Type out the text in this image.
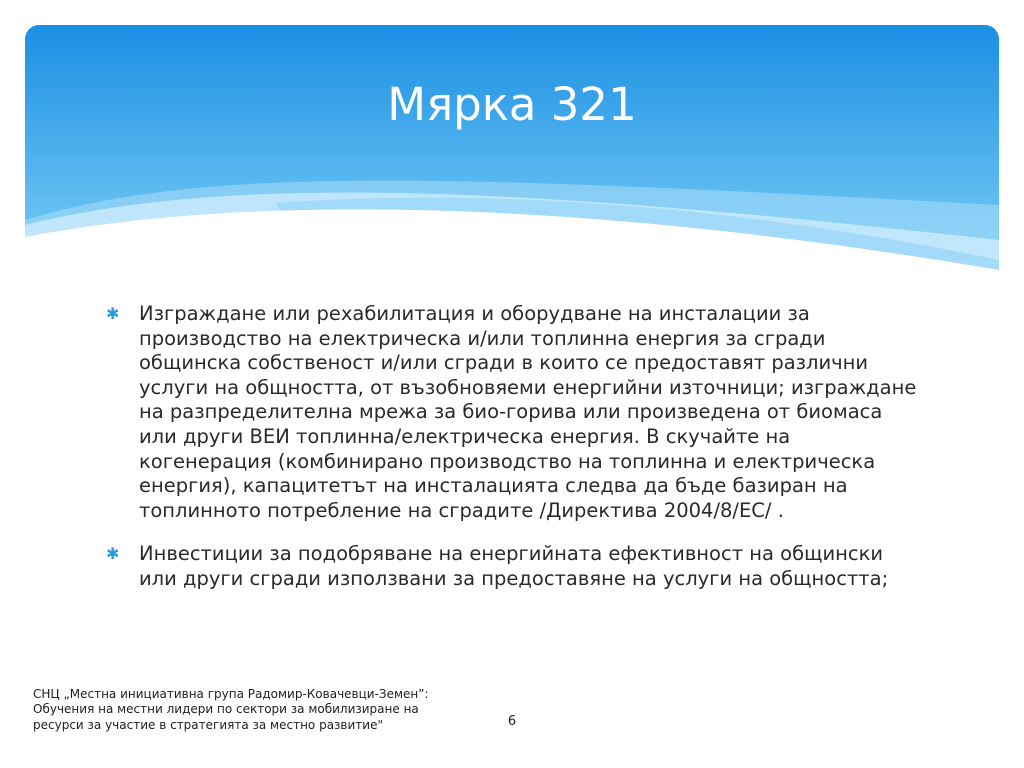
Мярка 321
✱ Изграждане или рехабилитация и оборудване на инсталации за производство на електрическа и/или топлинна енергия за сгради общинска собственост и/или сгради в които се предоставят различни услуги на общността, от възобновяеми енергийни източници; изграждане на разпределителна мрежа за био-горива или произведена от биомаса или други ВЕИ топлинна/електрическа енергия. В скучайте на когенерация (комбинирано производство на топлинна и електрическа енергия), капацитетът на инсталацията следва да бъде базиран на топлинното потребление на сградите /Директива 2004/8/ЕС/ .
✱ Инвестиции за подобряване на енергийната ефективност на общински или други сгради използвани за предоставяне на услуги на общността;
СНЦ „Местна инициативна група Радомир-Ковачевци-Земен”: Обучения на местни лидери по сектори за мобилизиране на ресурси за участие в стратегията за местно развитие"	6
